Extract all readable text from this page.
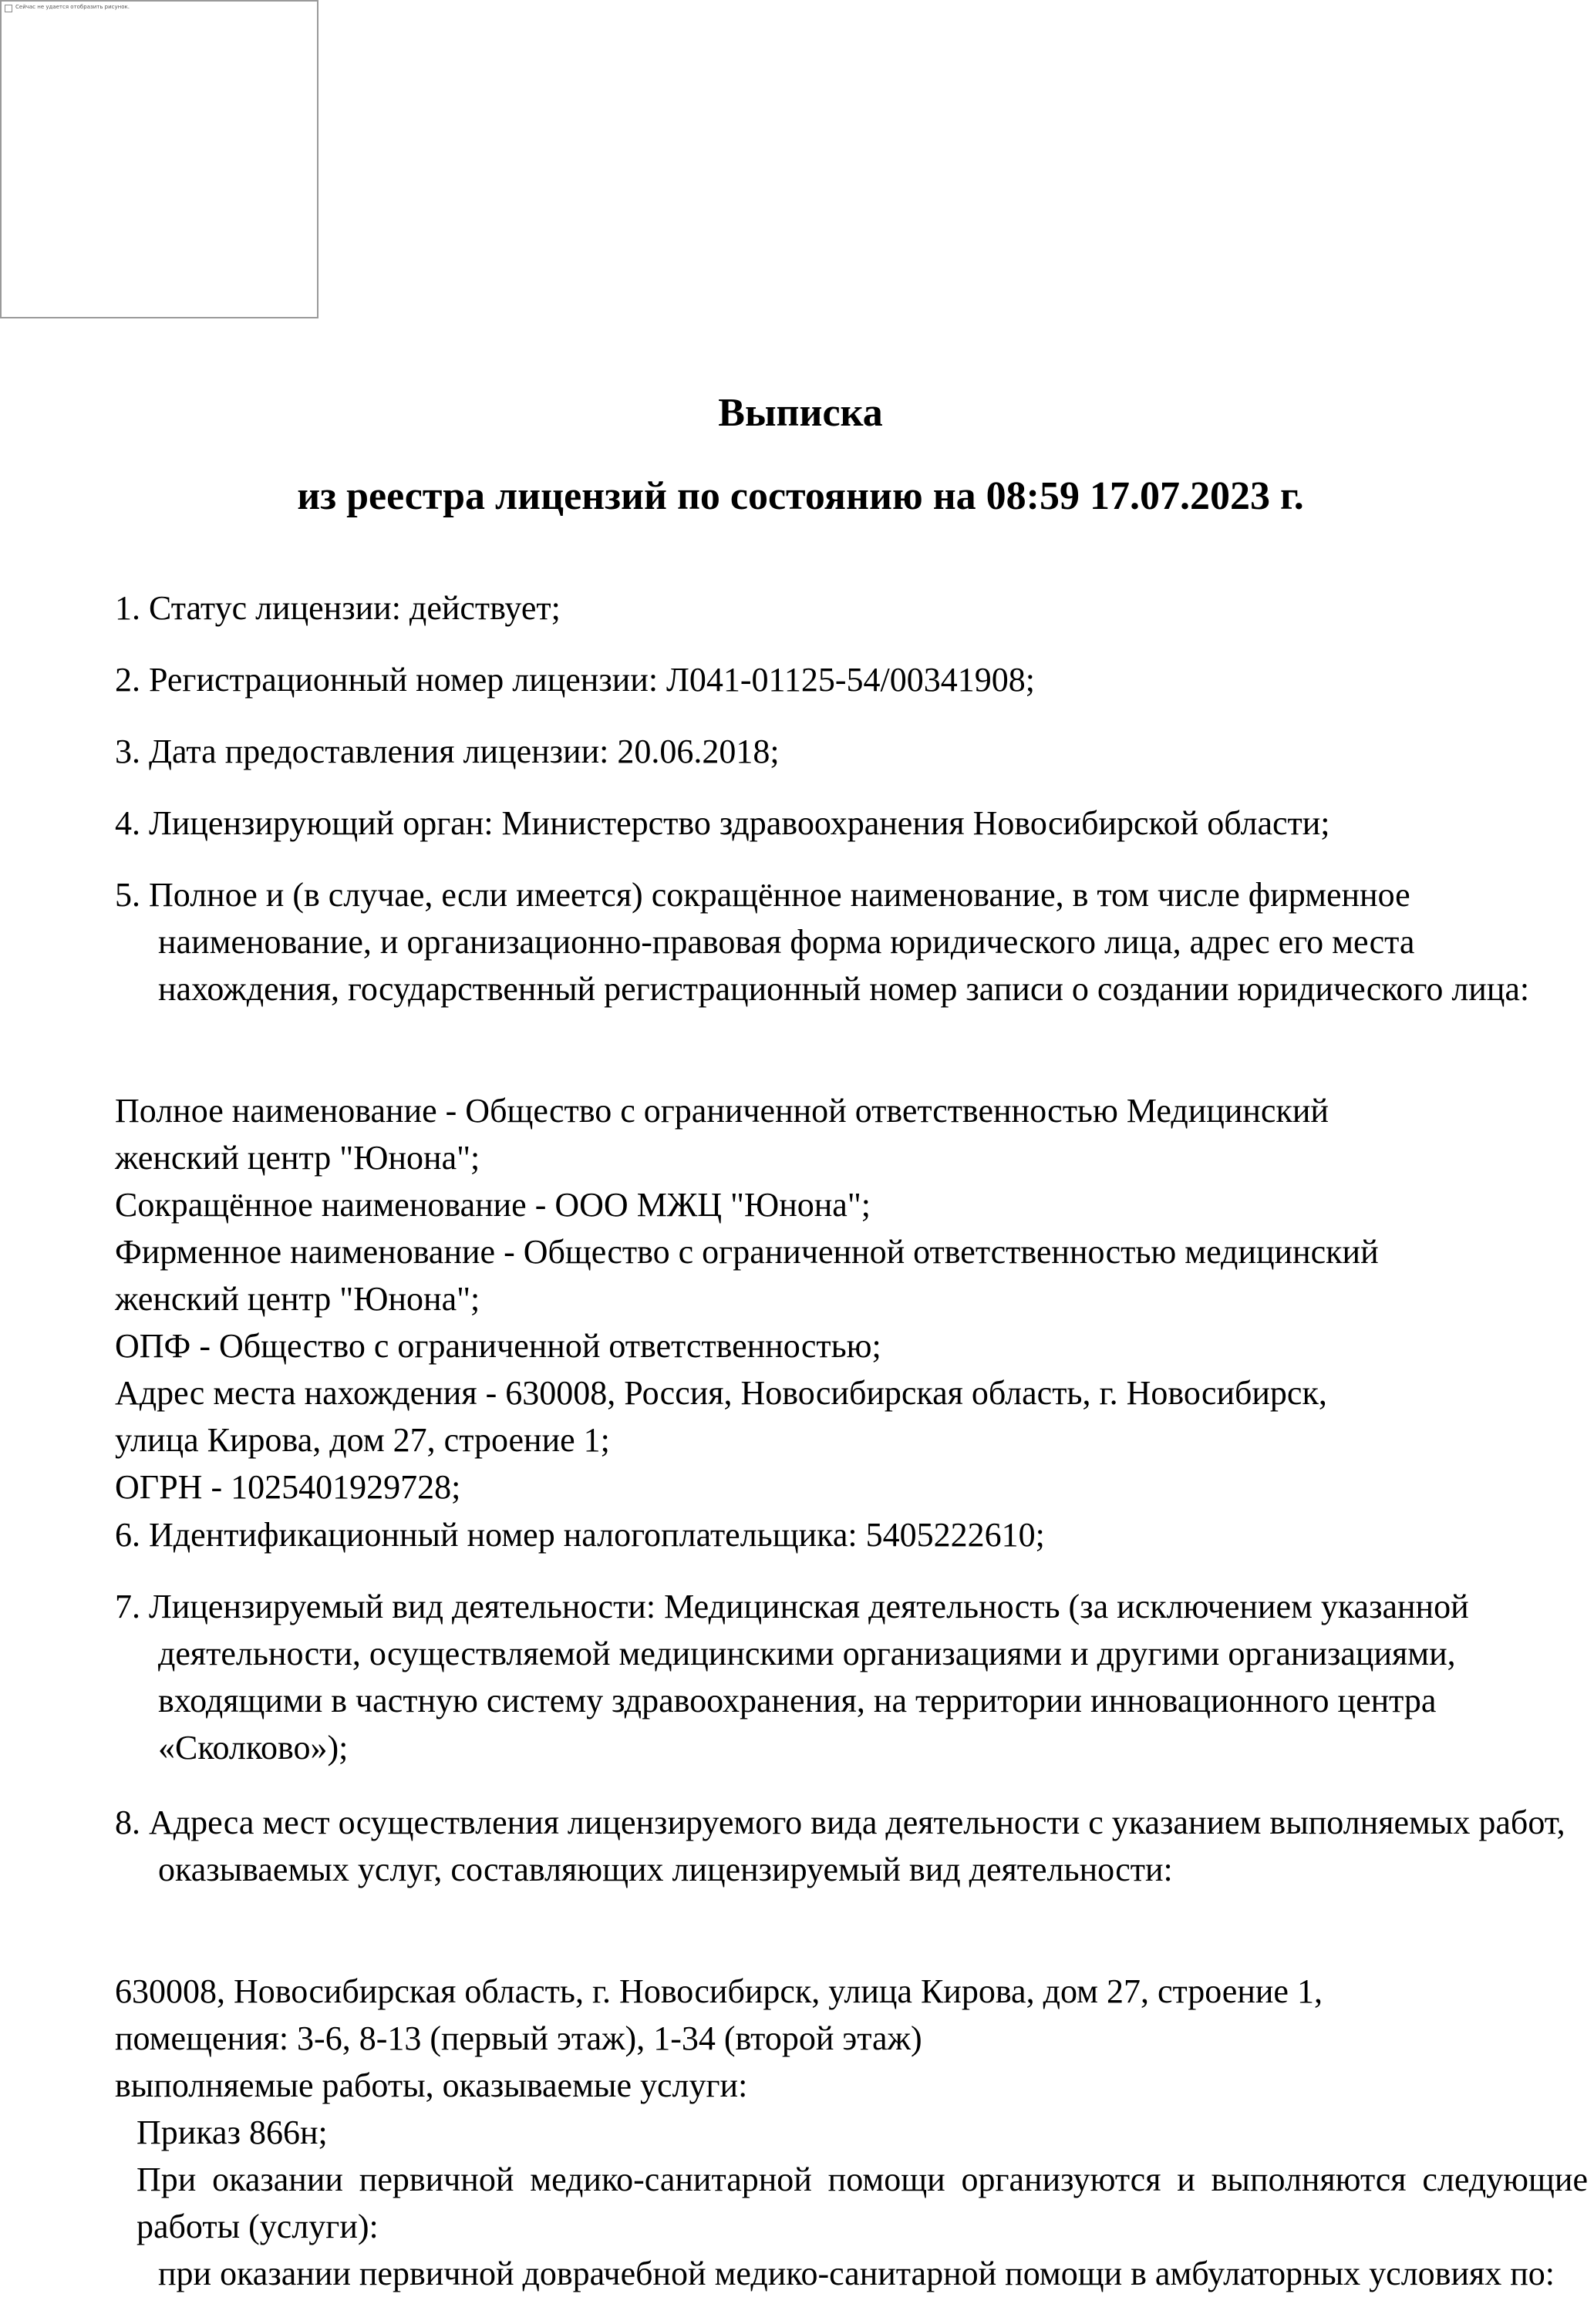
Сейчас не удается отобразить рисунок.
Выписка
из реестра лицензий по состоянию на 08:59 17.07.2023 г.
1. Статус лицензии: действует;
2. Регистрационный номер лицензии: Л041-01125-54/00341908;
3. Дата предоставления лицензии: 20.06.2018;
4. Лицензирующий орган: Министерство здравоохранения Новосибирской области;
5. Полное и (в случае, если имеется) сокращённое наименование, в том числе фирменное наименование, и организационно-правовая форма юридического лица, адрес его места нахождения, государственный регистрационный номер записи о создании юридического лица:
Полное наименование - Общество с ограниченной ответственностью Медицинский
женский центр "Юнона";
Сокращённое наименование - ООО МЖЦ "Юнона";
Фирменное наименование - Общество с ограниченной ответственностью медицинский
женский центр "Юнона";
ОПФ - Общество с ограниченной ответственностью;
Адрес места нахождения - 630008, Россия, Новосибирская область, г. Новосибирск,
улица Кирова, дом 27, строение 1;
ОГРН - 1025401929728;
6. Идентификационный номер налогоплательщика: 5405222610;
7. Лицензируемый вид деятельности: Медицинская деятельность (за исключением указанной деятельности, осуществляемой медицинскими организациями и другими организациями, входящими в частную систему здравоохранения, на территории инновационного центра «Сколково»);
8. Адреса мест осуществления лицензируемого вида деятельности с указанием выполняемых работ, оказываемых услуг, составляющих лицензируемый вид деятельности:
630008, Новосибирская область, г. Новосибирск, улица Кирова, дом 27, строение 1,
помещения: 3-6, 8-13 (первый этаж), 1-34 (второй этаж)
выполняемые работы, оказываемые услуги:
Приказ 866н;
При оказании первичной медико-санитарной помощи организуются и выполняются следующие работы (услуги):
при оказании первичной доврачебной медико-санитарной помощи в амбулаторных условиях по:
